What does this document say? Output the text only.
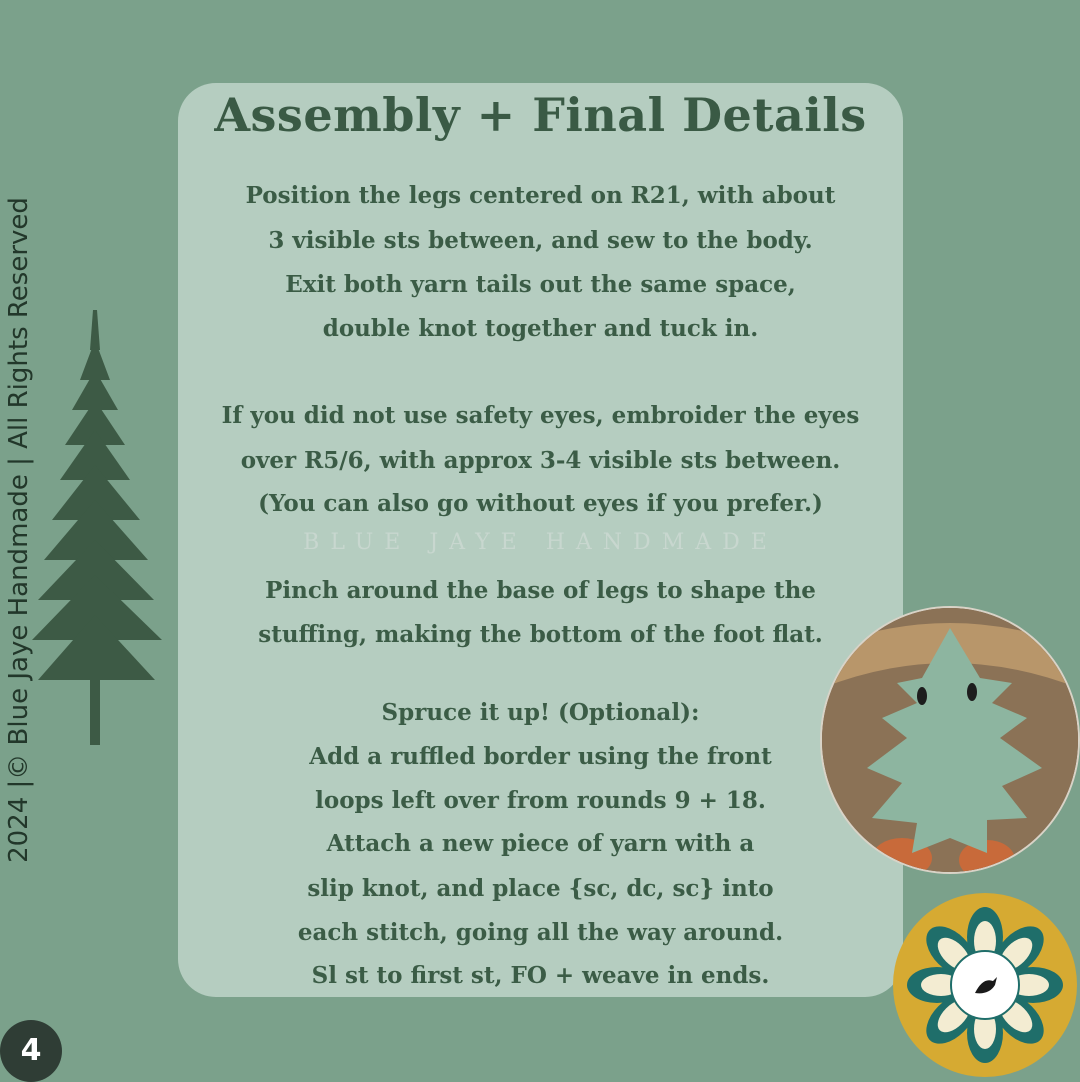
Assembly + Final Details
Position the legs centered on R21, with about
3 visible sts between, and sew to the body.
Exit both yarn tails out the same space,
double knot together and tuck in.
If you did not use safety eyes, embroider the eyes
over R5/6, with approx 3-4 visible sts between.
(You can also go without eyes if you prefer.)
BLUE JAYE HANDMADE
Pinch around the base of legs to shape the
stuffing, making the bottom of the foot flat.
Spruce it up! (Optional):
Add a ruffled border using the front
loops left over from rounds 9 + 18.
Attach a new piece of yarn with a
slip knot, and place {sc, dc, sc} into
each stitch, going all the way around.
Sl st to first st, FO + weave in ends.
2024 |© Blue Jaye Handmade | All Rights Reserved
4
